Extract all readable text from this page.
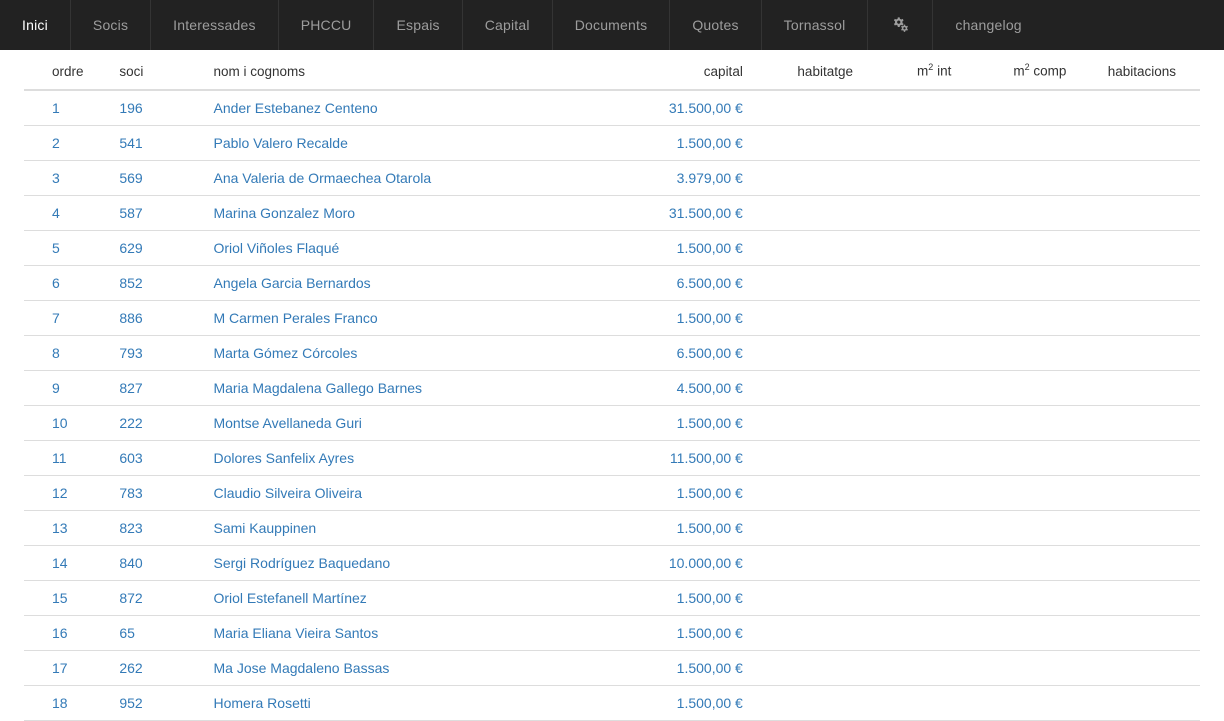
Inici	Socis	Interessades	PHCCU	Espais	Capital	Documents	Quotes	Tornassol	changelog
ordre	soci	nom i cognoms	capital	habitatge	$m^2$ int	$m^2$ comp	habitacions
1	196	Ander Estebanez Centeno	31.500,00 €				
2	541	Pablo Valero Recalde	1.500,00 €				
3	569	Ana Valeria de Ormaechea Otarola	3.979,00 €				
4	587	Marina Gonzalez Moro	31.500,00 €				
5	629	Oriol Viñoles Flaqué	1.500,00 €				
6	852	Angela Garcia Bernardos	6.500,00 €				
7	886	M Carmen Perales Franco	1.500,00 €				
8	793	Marta Gómez Córcoles	6.500,00 €				
9	827	Maria Magdalena Gallego Barnes	4.500,00 €				
10	222	Montse Avellaneda Guri	1.500,00 €				
11	603	Dolores Sanfelix Ayres	11.500,00 €				
12	783	Claudio Silveira Oliveira	1.500,00 €				
13	823	Sami Kauppinen	1.500,00 €				
14	840	Sergi Rodríguez Baquedano	10.000,00 €				
15	872	Oriol Estefanell Martínez	1.500,00 €				
16	65	Maria Eliana Vieira Santos	1.500,00 €				
17	262	Ma Jose Magdaleno Bassas	1.500,00 €				
18	952	Homera Rosetti	1.500,00 €				
